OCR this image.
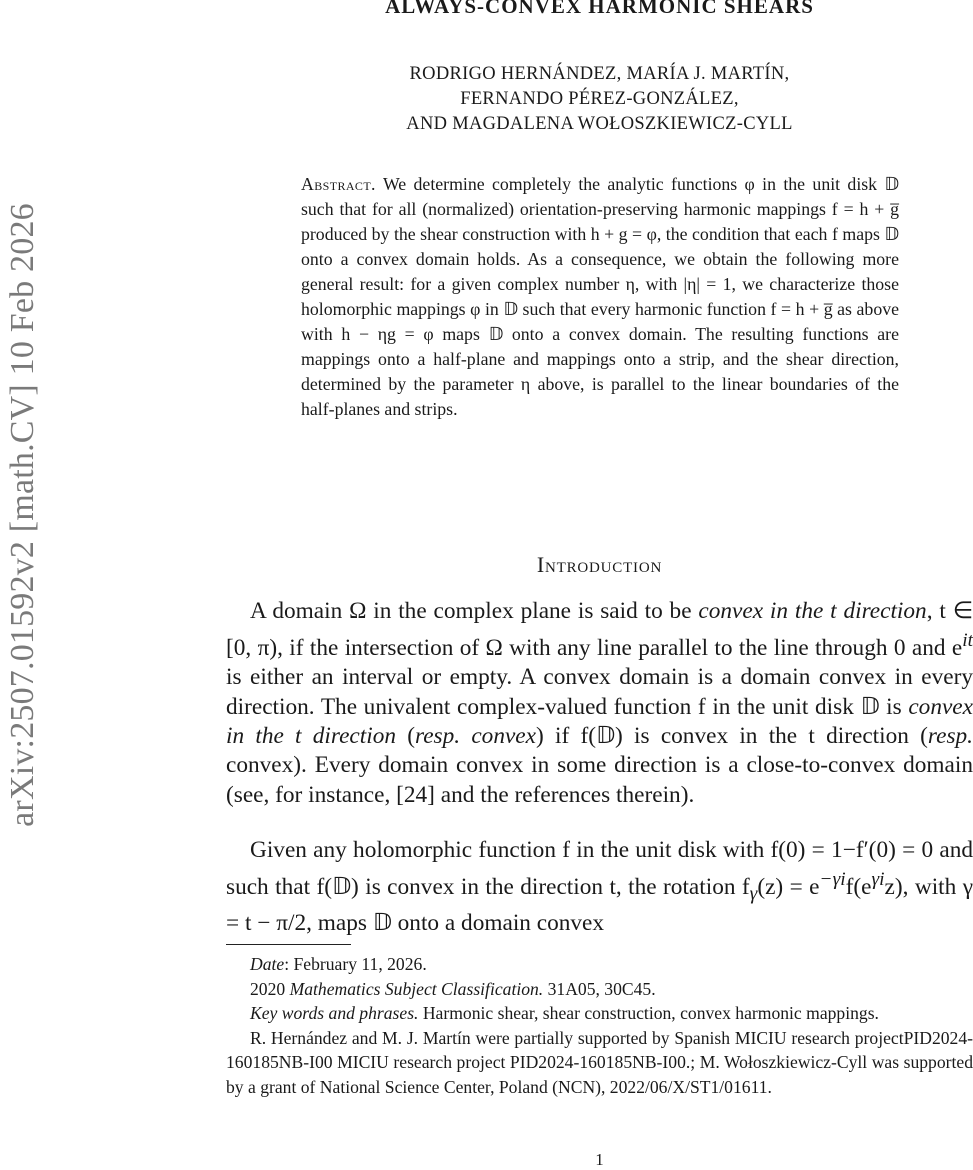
arXiv:2507.01592v2 [math.CV] 10 Feb 2026
ALWAYS-CONVEX HARMONIC SHEARS
RODRIGO HERNÁNDEZ, MARÍA J. MARTÍN,
FERNANDO PÉREZ-GONZÁLEZ,
AND MAGDALENA WOŁOSZKIEWICZ-CYLL

Abstract. We determine completely the analytic functions φ in the unit disk 𝔻 such that for all (normalized) orientation-preserving harmonic mappings f = h + g̅ produced by the shear construction with h + g = φ, the condition that each f maps 𝔻 onto a convex domain holds. As a consequence, we obtain the following more general result: for a given complex number η, with |η| = 1, we characterize those holomorphic mappings φ in 𝔻 such that every harmonic function f = h + g̅ as above with h − ηg = φ maps 𝔻 onto a convex domain. The resulting functions are mappings onto a half-plane and mappings onto a strip, and the shear direction, determined by the parameter η above, is parallel to the linear boundaries of the half-planes and strips.

Introduction

A domain Ω in the complex plane is said to be convex in the t direction, t ∈ [0, π), if the intersection of Ω with any line parallel to the line through 0 and $e^{it}$ is either an interval or empty. A convex domain is a domain convex in every direction. The univalent complex-valued function f in the unit disk 𝔻 is convex in the t direction (resp. convex) if f(𝔻) is convex in the t direction (resp. convex). Every domain convex in some direction is a close-to-convex domain (see, for instance, [24] and the references therein).

Given any holomorphic function f in the unit disk with f(0) = 1−f′(0) = 0 and such that f(𝔻) is convex in the direction t, the rotation $f_\gamma(z) = e^{-\gamma i}f(e^{\gamma i}z)$, with γ = t − π/2, maps 𝔻 onto a domain convex

Date: February 11, 2026.

2020 Mathematics Subject Classification. 31A05, 30C45.

Key words and phrases. Harmonic shear, shear construction, convex harmonic mappings.

R. Hernández and M. J. Martín were partially supported by Spanish MICIU research projectPID2024-160185NB-I00 MICIU research project PID2024-160185NB-I00.; M. Wołoszkiewicz-Cyll was supported by a grant of National Science Center, Poland (NCN), 2022/06/X/ST1/01611.

1
